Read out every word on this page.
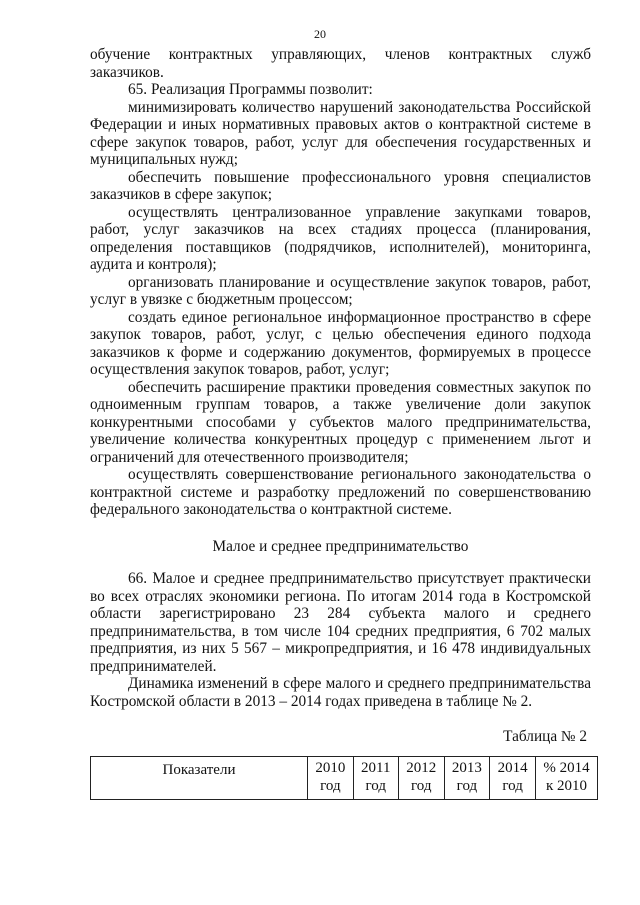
20

обучение контрактных управляющих, членов контрактных служб заказчиков.

65. Реализация Программы позволит:

минимизировать количество нарушений законодательства Российской Федерации и иных нормативных правовых актов о контрактной системе в сфере закупок товаров, работ, услуг для обеспечения государственных и муниципальных нужд;

обеспечить повышение профессионального уровня специалистов заказчиков в сфере закупок;

осуществлять централизованное управление закупками товаров, работ, услуг заказчиков на всех стадиях процесса (планирования, определения поставщиков (подрядчиков, исполнителей), мониторинга, аудита и контроля);

организовать планирование и осуществление закупок товаров, работ, услуг в увязке с бюджетным процессом;

создать единое региональное информационное пространство в сфере закупок товаров, работ, услуг, с целью обеспечения единого подхода заказчиков к форме и содержанию документов, формируемых в процессе осуществления закупок товаров, работ, услуг;

обеспечить расширение практики проведения совместных закупок по одноименным группам товаров, а также увеличение доли закупок конкурентными способами у субъектов малого предпринимательства, увеличение количества конкурентных процедур с применением льгот и ограничений для отечественного производителя;

осуществлять совершенствование регионального законодательства о контрактной системе и разработку предложений по совершенствованию федерального законодательства о контрактной системе.

Малое и среднее предпринимательство

66. Малое и среднее предпринимательство присутствует практически во всех отраслях экономики региона. По итогам 2014 года в Костромской области зарегистрировано 23 284 субъекта малого и среднего предпринимательства, в том числе 104 средних предприятия, 6 702 малых предприятия, из них 5 567 – микропредприятия, и 16 478 индивидуальных предпринимателей.

Динамика изменений в сфере малого и среднего предпринимательства Костромской области в 2013 – 2014 годах приведена в таблице № 2.

Таблица № 2

Показатели	2010 год	2011 год	2012 год	2013 год	2014 год	% 2014 к 2010
